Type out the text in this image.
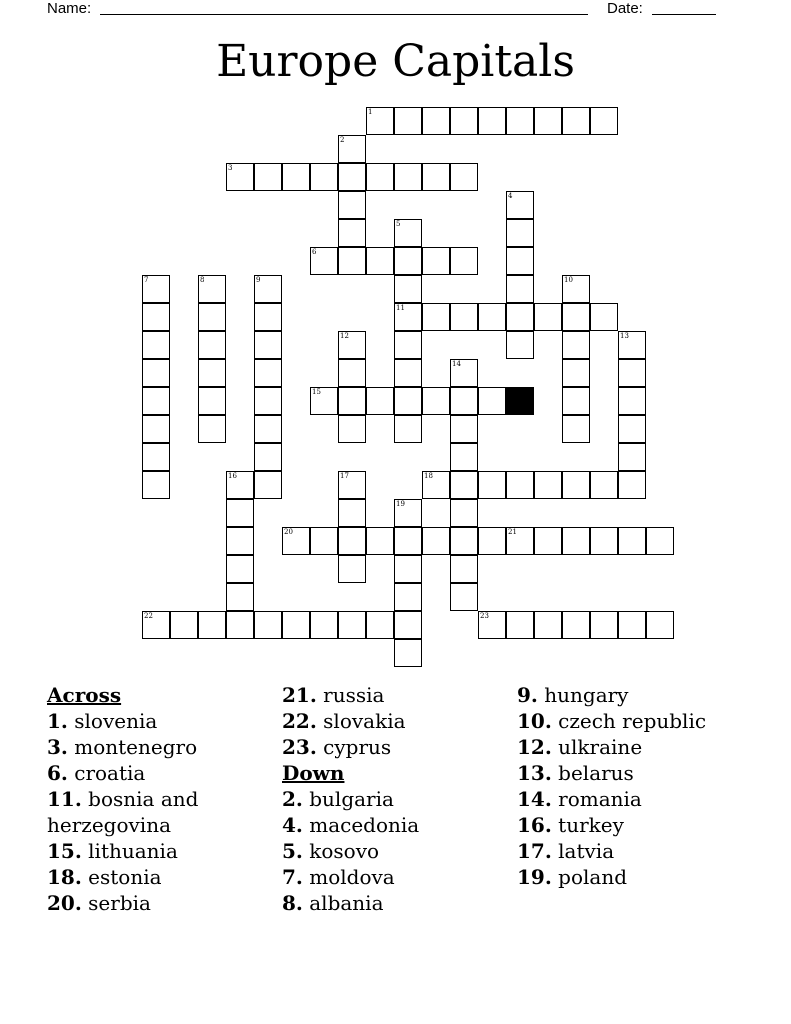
Name:	Date:
Europe Capitals
1
2
3
4
5
11
6
7	8	9	10
12	13
14
15
16	17	18
19
20	21
22	23
Across
1. slovenia
3. montenegro
6. croatia
11. bosnia and herzegovina
15. lithuania
18. estonia
20. serbia
21. russia
22. slovakia
23. cyprus
Down
2. bulgaria
4. macedonia
5. kosovo
7. moldova
8. albania
9. hungary
10. czech republic
12. ulkraine
13. belarus
14. romania
16. turkey
17. latvia
19. poland
